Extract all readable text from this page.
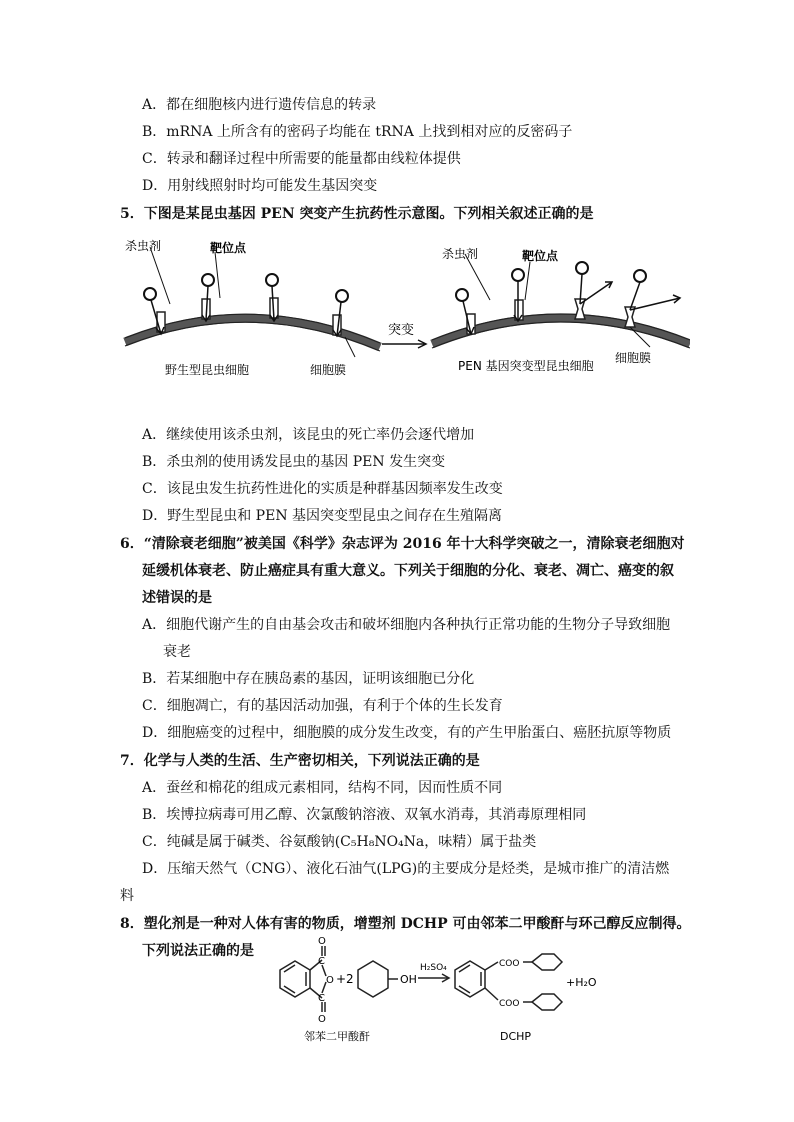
A．都在细胞核内进行遗传信息的转录
B．mRNA 上所含有的密码子均能在 tRNA 上找到相对应的反密码子
C．转录和翻译过程中所需要的能量都由线粒体提供
D．用射线照射时均可能发生基因突变
5．下图是某昆虫基因 PEN 突变产生抗药性示意图。下列相关叙述正确的是
杀虫剂	靶位点
野生型昆虫细胞	细胞膜
突变
杀虫剂	靶位点
PEN 基因突变型昆虫细胞
细胞膜
A．继续使用该杀虫剂，该昆虫的死亡率仍会逐代增加
B．杀虫剂的使用诱发昆虫的基因 PEN 发生突变
C．该昆虫发生抗药性进化的实质是种群基因频率发生改变
D．野生型昆虫和 PEN 基因突变型昆虫之间存在生殖隔离
6．“清除衰老细胞”被美国《科学》杂志评为 2016 年十大科学突破之一，清除衰老细胞对
延缓机体衰老、防止癌症具有重大意义。下列关于细胞的分化、衰老、凋亡、癌变的叙
述错误的是
A．细胞代谢产生的自由基会攻击和破坏细胞内各种执行正常功能的生物分子导致细胞
衰老
B．若某细胞中存在胰岛素的基因，证明该细胞已分化
C．细胞凋亡，有的基因活动加强，有利于个体的生长发育
D．细胞癌变的过程中，细胞膜的成分发生改变，有的产生甲胎蛋白、癌胚抗原等物质
7．化学与人类的生活、生产密切相关，下列说法正确的是
A．蚕丝和棉花的组成元素相同，结构不同，因而性质不同
B．埃博拉病毒可用乙醇、次氯酸钠溶液、双氧水消毒，其消毒原理相同
C．纯碱是属于碱类、谷氨酸钠(C₅H₈NO₄Na，味精）属于盐类
D．压缩天然气（CNG）、液化石油气(LPG)的主要成分是烃类，是城市推广的清洁燃
料
8．塑化剂是一种对人体有害的物质，增塑剂 DCHP 可由邻苯二甲酸酐与环己醇反应制得。
下列说法正确的是
C
O
O
C
O
+2	OH
H₂SO₄	COO
COO
+H₂O
邻苯二甲酸酐	DCHP
